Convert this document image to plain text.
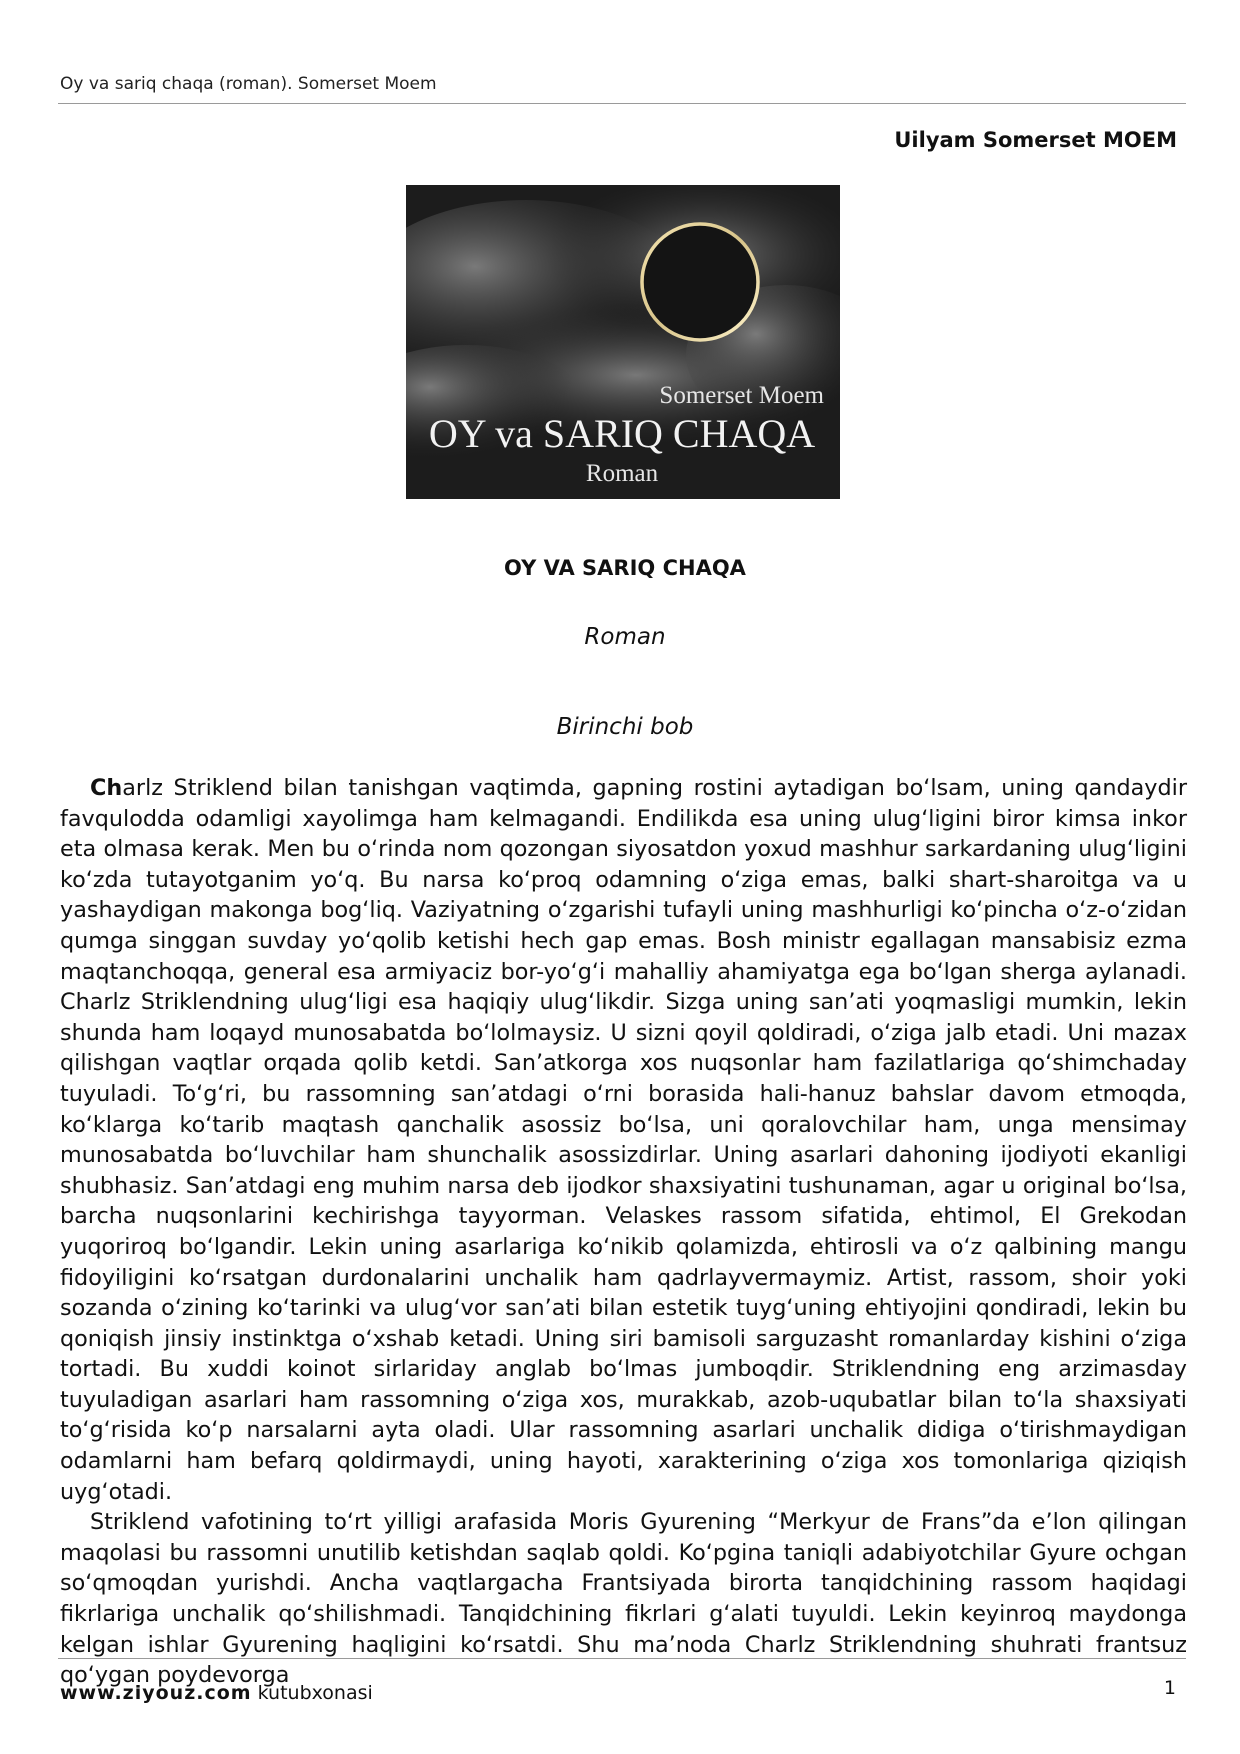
Oy va sariq chaqa (roman). Somerset Moem
Uilyam Somerset MOEM
Somerset Moem
OY va SARIQ CHAQA
Roman
OY VA SARIQ CHAQA
Roman
Birinchi bob

Charlz Striklend bilan tanishgan vaqtimda, gapning rostini aytadigan bo‘lsam, uning qandaydir favqulodda odamligi xayolimga ham kelmagandi. Endilikda esa uning ulug‘ligini biror kimsa inkor eta olmasa kerak. Men bu o‘rinda nom qozongan siyosatdon yoxud mashhur sarkardaning ulug‘ligini ko‘zda tutayotganim yo‘q. Bu narsa ko‘proq odamning o‘ziga emas, balki shart-sharoitga va u yashaydigan makonga bog‘liq. Vaziyatning o‘zgarishi tufayli uning mashhurligi ko‘pincha o‘z-o‘zidan qumga singgan suvday yo‘qolib ketishi hech gap emas. Bosh ministr egallagan mansabisiz ezma maqtanchoqqa, general esa armiyaciz bor-yo‘g‘i mahalliy ahamiyatga ega bo‘lgan sherga aylanadi. Charlz Striklendning ulug‘ligi esa haqiqiy ulug‘likdir. Sizga uning san’ati yoqmasligi mumkin, lekin shunda ham loqayd munosabatda bo‘lolmaysiz. U sizni qoyil qoldiradi, o‘ziga jalb etadi. Uni mazax qilishgan vaqtlar orqada qolib ketdi. San’atkorga xos nuqsonlar ham fazilatlariga qo‘shimchaday tuyuladi. To‘g‘ri, bu rassomning san’atdagi o‘rni borasida hali-hanuz bahslar davom etmoqda, ko‘klarga ko‘tarib maqtash qanchalik asossiz bo‘lsa, uni qoralovchilar ham, unga mensimay munosabatda bo‘luvchilar ham shunchalik asossizdirlar. Uning asarlari dahoning ijodiyoti ekanligi shubhasiz. San’atdagi eng muhim narsa deb ijodkor shaxsiyatini tushunaman, agar u original bo‘lsa, barcha nuqsonlarini kechirishga tayyorman. Velaskes rassom sifatida, ehtimol, El Grekodan yuqoriroq bo‘lgandir. Lekin uning asarlariga ko‘nikib qolamizda, ehtirosli va o‘z qalbining mangu fidoyiligini ko‘rsatgan durdonalarini unchalik ham qadrlayvermaymiz. Artist, rassom, shoir yoki sozanda o‘zining ko‘tarinki va ulug‘vor san’ati bilan estetik tuyg‘uning ehtiyojini qondiradi, lekin bu qoniqish jinsiy instinktga o‘xshab ketadi. Uning siri bamisoli sarguzasht romanlarday kishini o‘ziga tortadi. Bu xuddi koinot sirlariday anglab bo‘lmas jumboqdir. Striklendning eng arzimasday tuyuladigan asarlari ham rassomning o‘ziga xos, murakkab, azob-uqubatlar bilan to‘la shaxsiyati to‘g‘risida ko‘p narsalarni ayta oladi. Ular rassomning asarlari unchalik didiga o‘tirishmaydigan odamlarni ham befarq qoldirmaydi, uning hayoti, xarakterining o‘ziga xos tomonlariga qiziqish uyg‘otadi.

Striklend vafotining to‘rt yilligi arafasida Moris Gyurening “Merkyur de Frans”da e’lon qilingan maqolasi bu rassomni unutilib ketishdan saqlab qoldi. Ko‘pgina taniqli adabiyotchilar Gyure ochgan so‘qmoqdan yurishdi. Ancha vaqtlargacha Frantsiyada birorta tanqidchining rassom haqidagi fikrlariga unchalik qo‘shilishmadi. Tanqidchining fikrlari g‘alati tuyuldi. Lekin keyinroq maydonga kelgan ishlar Gyurening haqligini ko‘rsatdi. Shu ma’noda Charlz Striklendning shuhrati frantsuz qo‘ygan poydevorga

www.ziyouz.com kutubxonasi	1
